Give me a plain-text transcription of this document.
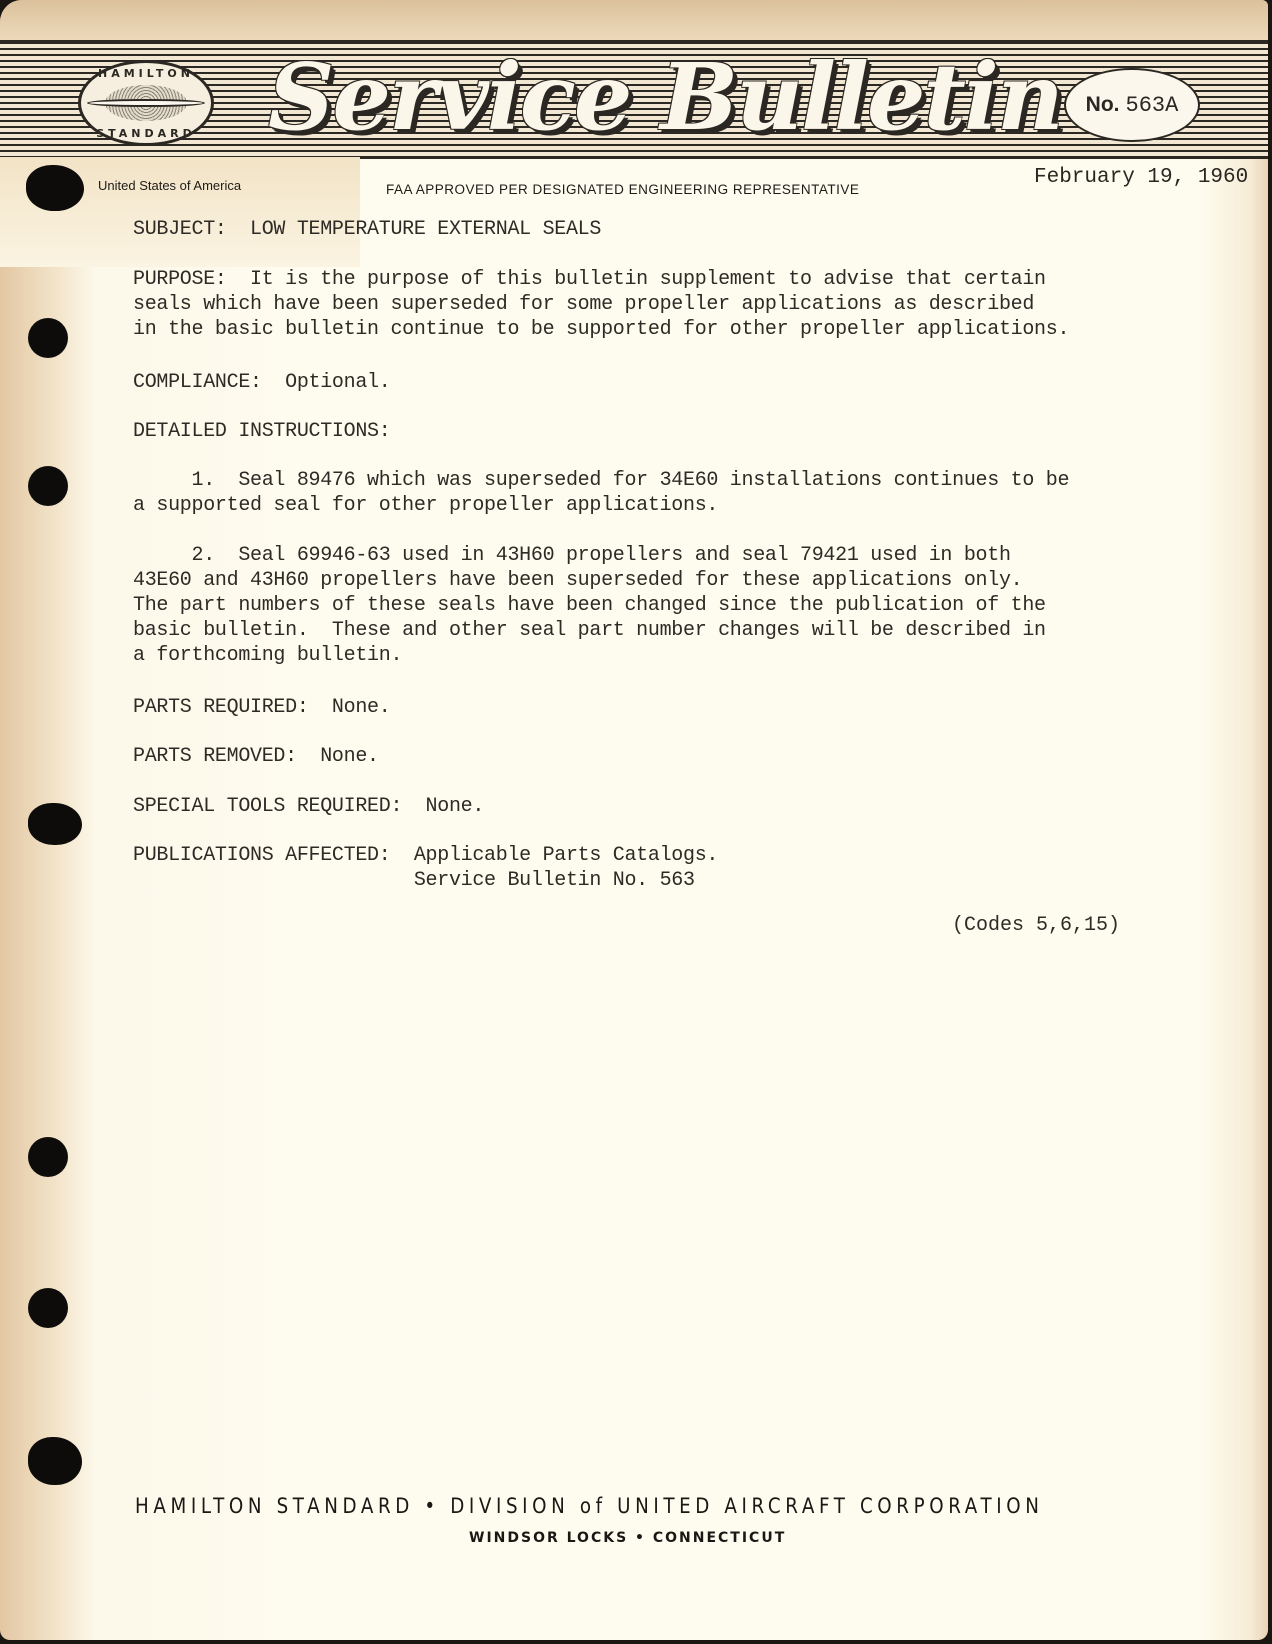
HAMILTON
STANDARD Service Bulletin No. 563A
United States of America	FAA APPROVED PER DESIGNATED ENGINEERING REPRESENTATIVE
February 19, 1960
SUBJECT:  LOW TEMPERATURE EXTERNAL SEALS
PURPOSE:  It is the purpose of this bulletin supplement to advise that certain
seals which have been superseded for some propeller applications as described
in the basic bulletin continue to be supported for other propeller applications.
COMPLIANCE:  Optional.
DETAILED INSTRUCTIONS:
1.  Seal 89476 which was superseded for 34E60 installations continues to be
a supported seal for other propeller applications.
2.  Seal 69946-63 used in 43H60 propellers and seal 79421 used in both
43E60 and 43H60 propellers have been superseded for these applications only.
The part numbers of these seals have been changed since the publication of the
basic bulletin.  These and other seal part number changes will be described in
a forthcoming bulletin.
PARTS REQUIRED:  None.
PARTS REMOVED:  None.
SPECIAL TOOLS REQUIRED:  None.
PUBLICATIONS AFFECTED:  Applicable Parts Catalogs.
Service Bulletin No. 563
(Codes 5,6,15)
HAMILTON STANDARD • DIVISION of UNITED AIRCRAFT CORPORATION
WINDSOR LOCKS • CONNECTICUT
